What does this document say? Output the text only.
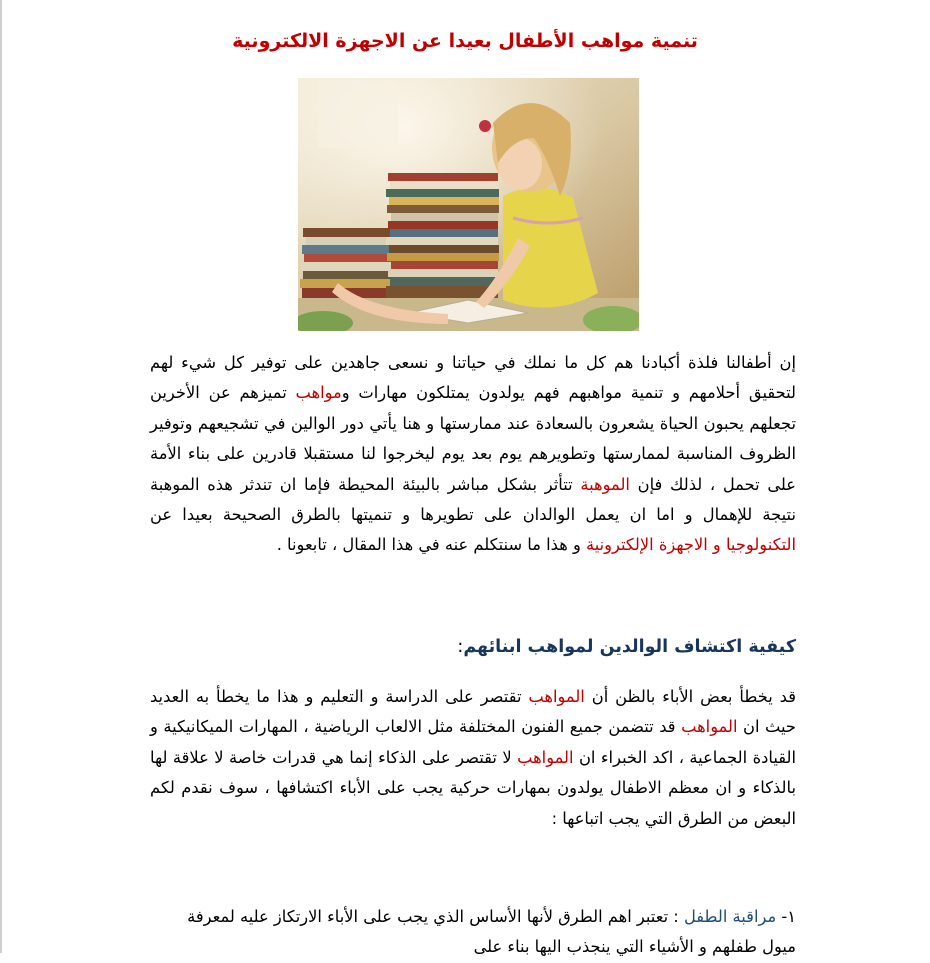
تنمية مواهب الأطفال بعيدا عن الاجهزة الالكترونية

إن أطفالنا فلذة أكبادنا هم كل ما نملك في حياتنا و نسعى جاهدين على توفير كل شيء لهم لتحقيق أحلامهم و تنمية مواهبهم فهم يولدون يمتلكون مهارات ومواهب تميزهم عن الأخرين تجعلهم يحبون الحياة يشعرون بالسعادة عند ممارستها و هنا يأتي دور الوالين في تشجيعهم وتوفير الظروف المناسبة لممارستها وتطويرهم يوم بعد يوم ليخرجوا لنا مستقبلا قادرين على بناء الأمة على تحمل ، لذلك فإن الموهبة تتأثر بشكل مباشر بالبيئة المحيطة فإما ان تندثر هذه الموهبة نتيجة للإهمال و اما ان يعمل الوالدان على تطويرها و تنميتها بالطرق الصحيحة بعيدا عن التكنولوجيا و الاجهزة الإلكترونية و هذا ما سنتكلم عنه في هذا المقال ، تابعونا .

كيفية اكتشاف الوالدين لمواهب ابنائهم:

قد يخطأ بعض الأباء بالظن أن المواهب تقتصر على الدراسة و التعليم و هذا ما يخطأ به العديد حيث ان المواهب قد تتضمن جميع الفنون المختلفة مثل الالعاب الرياضية ، المهارات الميكانيكية و القيادة الجماعية ، اكد الخبراء ان المواهب لا تقتصر على الذكاء إنما هي قدرات خاصة لا علاقة لها بالذكاء و ان معظم الاطفال يولدون بمهارات حركية يجب على الأباء اكتشافها ، سوف نقدم لكم البعض من الطرق التي يجب اتباعها :

١- مراقبة الطفل : تعتبر اهم الطرق لأنها الأساس الذي يجب على الأباء الارتكاز عليه لمعرفة ميول طفلهم و الأشياء التي ينجذب اليها بناء على
